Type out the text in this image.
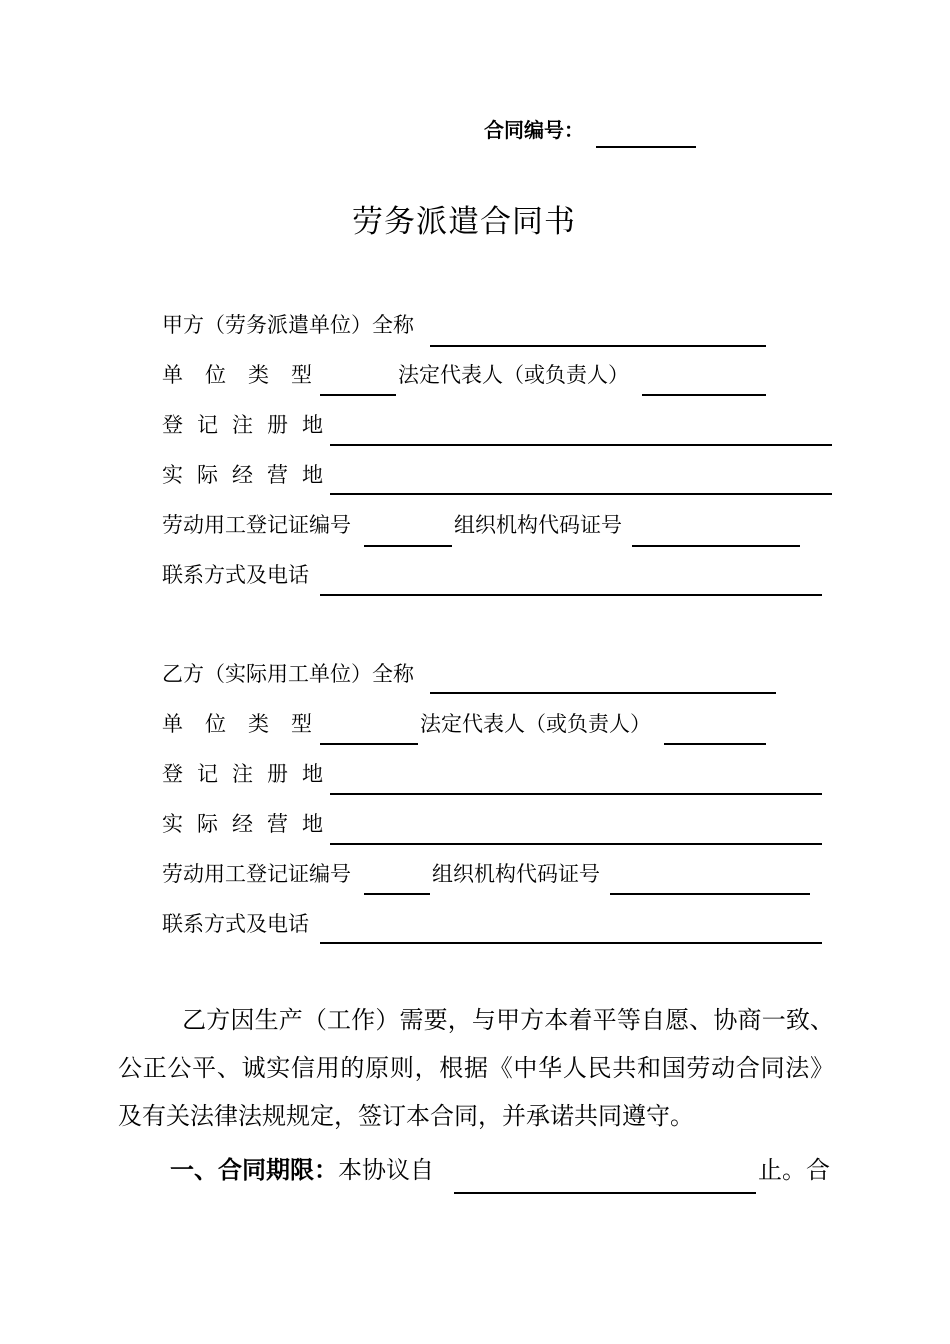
合同编号：
劳务派遣合同书
甲方（劳务派遣单位）全称
单位类型	法定代表人（或负责人）
登记注册地
实际经营地
劳动用工登记证编号	组织机构代码证号
联系方式及电话
乙方（实际用工单位）全称
单位类型	法定代表人（或负责人）
登记注册地
实际经营地
劳动用工登记证编号	组织机构代码证号
联系方式及电话
乙方因生产（工作）需要，与甲方本着平等自愿、协商一致、公正公平、诚实信用的原则，根据《中华人民共和国劳动合同法》及有关法律法规规定，签订本合同，并承诺共同遵守。
一、合同期限：本协议自	止。合
